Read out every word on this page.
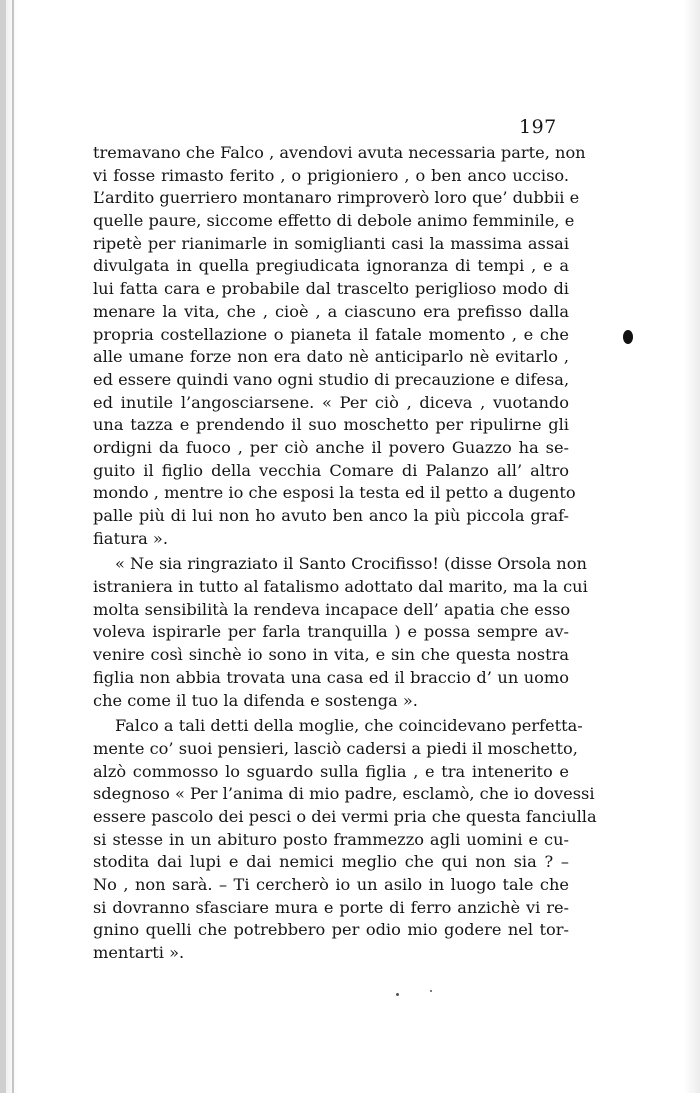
197
tremavano che Falco , avendovi avuta necessaria parte, non
vi fosse rimasto ferito , o prigioniero , o ben anco ucciso.
L’ardito guerriero montanaro rimproverò loro que’ dubbii e
quelle paure, siccome effetto di debole animo femminile, e
ripetè per rianimarle in somiglianti casi la massima assai
divulgata in quella pregiudicata ignoranza di tempi , e a
lui fatta cara e probabile dal trascelto periglioso modo di
menare la vita, che , cioè , a ciascuno era prefisso dalla
propria costellazione o pianeta il fatale momento , e che
alle umane forze non era dato nè anticiparlo nè evitarlo ,
ed essere quindi vano ogni studio di precauzione e difesa,
ed inutile l’angosciarsene. « Per ciò , diceva , vuotando
una tazza e prendendo il suo moschetto per ripulirne gli
ordigni da fuoco , per ciò anche il povero Guazzo ha se-
guito il figlio della vecchia Comare di Palanzo all’ altro
mondo , mentre io che esposi la testa ed il petto a dugento
palle più di lui non ho avuto ben anco la più piccola graf-
fiatura ».
« Ne sia ringraziato il Santo Crocifisso! (disse Orsola non
istraniera in tutto al fatalismo adottato dal marito, ma la cui
molta sensibilità la rendeva incapace dell’ apatia che esso
voleva ispirarle per farla tranquilla ) e possa sempre av-
venire così sinchè io sono in vita, e sin che questa nostra
figlia non abbia trovata una casa ed il braccio d’ un uomo
che come il tuo la difenda e sostenga ».
Falco a tali detti della moglie, che coincidevano perfetta-
mente co’ suoi pensieri, lasciò cadersi a piedi il moschetto,
alzò commosso lo sguardo sulla figlia , e tra intenerito e
sdegnoso « Per l’anima di mio padre, esclamò, che io dovessi
essere pascolo dei pesci o dei vermi pria che questa fanciulla
si stesse in un abituro posto frammezzo agli uomini e cu-
stodita dai lupi e dai nemici meglio che qui non sia ? –
No , non sarà. – Ti cercherò io un asilo in luogo tale che
si dovranno sfasciare mura e porte di ferro anzichè vi re-
gnino quelli che potrebbero per odio mio godere nel tor-
mentarti ».
